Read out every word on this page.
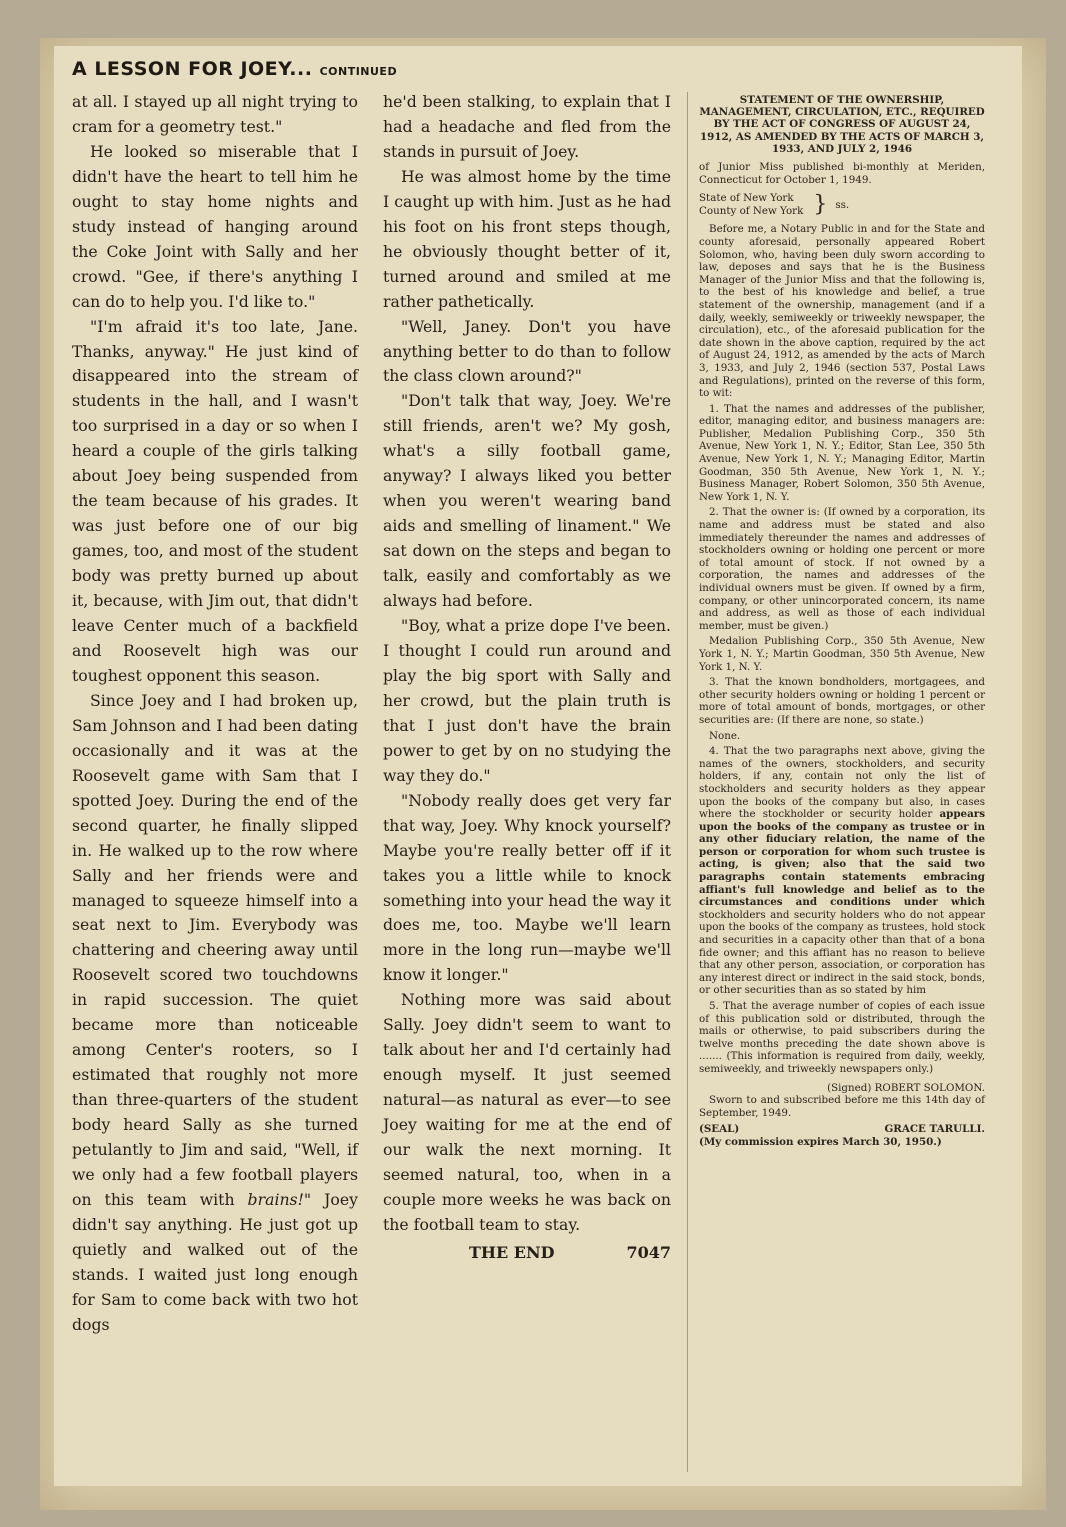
A LESSON FOR JOEY... CONTINUED

at all. I stayed up all night trying to cram for a geometry test."

He looked so miserable that I didn't have the heart to tell him he ought to stay home nights and study instead of hanging around the Coke Joint with Sally and her crowd. "Gee, if there's anything I can do to help you. I'd like to."

"I'm afraid it's too late, Jane. Thanks, anyway." He just kind of disappeared into the stream of students in the hall, and I wasn't too surprised in a day or so when I heard a couple of the girls talking about Joey being suspended from the team because of his grades. It was just before one of our big games, too, and most of the student body was pretty burned up about it, because, with Jim out, that didn't leave Center much of a backfield and Roosevelt high was our toughest opponent this season.

Since Joey and I had broken up, Sam Johnson and I had been dating occasionally and it was at the Roosevelt game with Sam that I spotted Joey. During the end of the second quarter, he finally slipped in. He walked up to the row where Sally and her friends were and managed to squeeze himself into a seat next to Jim. Everybody was chattering and cheering away until Roosevelt scored two touchdowns in rapid succession. The quiet became more than noticeable among Center's rooters, so I estimated that roughly not more than three-quarters of the student body heard Sally as she turned petulantly to Jim and said, "Well, if we only had a few football players on this team with brains!" Joey didn't say anything. He just got up quietly and walked out of the stands. I waited just long enough for Sam to come back with two hot dogs

he'd been stalking, to explain that I had a headache and fled from the stands in pursuit of Joey.

He was almost home by the time I caught up with him. Just as he had his foot on his front steps though, he obviously thought better of it, turned around and smiled at me rather pathetically.

"Well, Janey. Don't you have anything better to do than to follow the class clown around?"

"Don't talk that way, Joey. We're still friends, aren't we? My gosh, what's a silly football game, anyway? I always liked you better when you weren't wearing band aids and smelling of linament." We sat down on the steps and began to talk, easily and comfortably as we always had before.

"Boy, what a prize dope I've been. I thought I could run around and play the big sport with Sally and her crowd, but the plain truth is that I just don't have the brain power to get by on no studying the way they do."

"Nobody really does get very far that way, Joey. Why knock yourself? Maybe you're really better off if it takes you a little while to knock something into your head the way it does me, too. Maybe we'll learn more in the long run—maybe we'll know it longer."

Nothing more was said about Sally. Joey didn't seem to want to talk about her and I'd certainly had enough myself. It just seemed natural—as natural as ever—to see Joey waiting for me at the end of our walk the next morning. It seemed natural, too, when in a couple more weeks he was back on the football team to stay.

THE END	7047
STATEMENT OF THE OWNERSHIP, MANAGEMENT, CIRCULATION, ETC., REQUIRED BY THE ACT OF CONGRESS OF AUGUST 24, 1912, AS AMENDED BY THE ACTS OF MARCH 3, 1933, AND JULY 2, 1946

of Junior Miss published bi-monthly at Meriden, Connecticut for October 1, 1949.

State of New York
County of New York } ss.

Before me, a Notary Public in and for the State and county aforesaid, personally appeared Robert Solomon, who, having been duly sworn according to law, deposes and says that he is the Business Manager of the Junior Miss and that the following is, to the best of his knowledge and belief, a true statement of the ownership, management (and if a daily, weekly, semiweekly or triweekly newspaper, the circulation), etc., of the aforesaid publication for the date shown in the above caption, required by the act of August 24, 1912, as amended by the acts of March 3, 1933, and July 2, 1946 (section 537, Postal Laws and Regulations), printed on the reverse of this form, to wit:

1. That the names and addresses of the publisher, editor, managing editor, and business managers are: Publisher, Medalion Publishing Corp., 350 5th Avenue, New York 1, N. Y.; Editor, Stan Lee, 350 5th Avenue, New York 1, N. Y.; Managing Editor, Martin Goodman, 350 5th Avenue, New York 1, N. Y.; Business Manager, Robert Solomon, 350 5th Avenue, New York 1, N. Y.

2. That the owner is: (If owned by a corporation, its name and address must be stated and also immediately thereunder the names and addresses of stockholders owning or holding one percent or more of total amount of stock. If not owned by a corporation, the names and addresses of the individual owners must be given. If owned by a firm, company, or other unincorporated concern, its name and address, as well as those of each individual member, must be given.)

Medalion Publishing Corp., 350 5th Avenue, New York 1, N. Y.; Martin Goodman, 350 5th Avenue, New York 1, N. Y.

3. That the known bondholders, mortgagees, and other security holders owning or holding 1 percent or more of total amount of bonds, mortgages, or other securities are: (If there are none, so state.)

None.

4. That the two paragraphs next above, giving the names of the owners, stockholders, and security holders, if any, contain not only the list of stockholders and security holders as they appear upon the books of the company but also, in cases where the stockholder or security holder appears upon the books of the company as trustee or in any other fiduciary relation, the name of the person or corporation for whom such trustee is acting, is given; also that the said two paragraphs contain statements embracing affiant's full knowledge and belief as to the circumstances and conditions under which stockholders and security holders who do not appear upon the books of the company as trustees, hold stock and securities in a capacity other than that of a bona fide owner; and this affiant has no reason to believe that any other person, association, or corporation has any interest direct or indirect in the said stock, bonds, or other securities than as so stated by him

5. That the average number of copies of each issue of this publication sold or distributed, through the mails or otherwise, to paid subscribers during the twelve months preceding the date shown above is ....... (This information is required from daily, weekly, semiweekly, and triweekly newspapers only.)

(Signed) ROBERT SOLOMON.

Sworn to and subscribed before me this 14th day of September, 1949.

(SEAL)	GRACE TARULLI.
(My commission expires March 30, 1950.)
